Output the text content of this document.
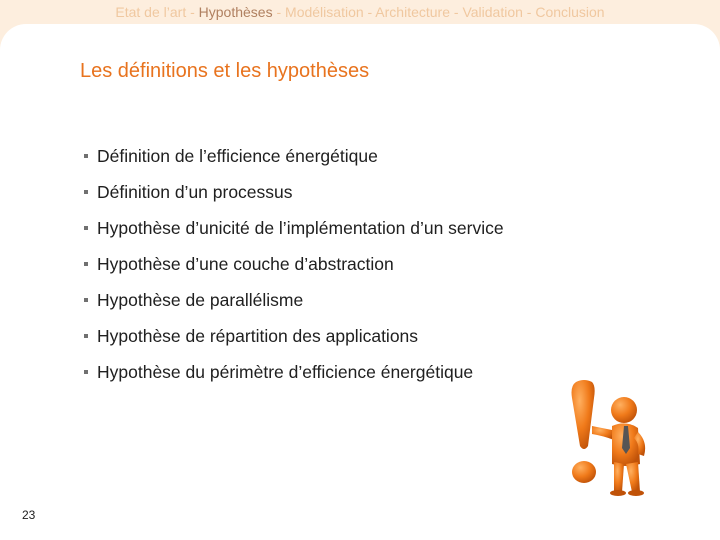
Etat de l’art - Hypothèses - Modélisation - Architecture - Validation - Conclusion
Les définitions et les hypothèses
Définition de l’efficience énergétique
Définition d’un processus
Hypothèse d’unicité de l’implémentation d’un service
Hypothèse d’une couche d’abstraction
Hypothèse de parallélisme
Hypothèse de répartition des applications
Hypothèse du périmètre d’efficience énergétique
23
